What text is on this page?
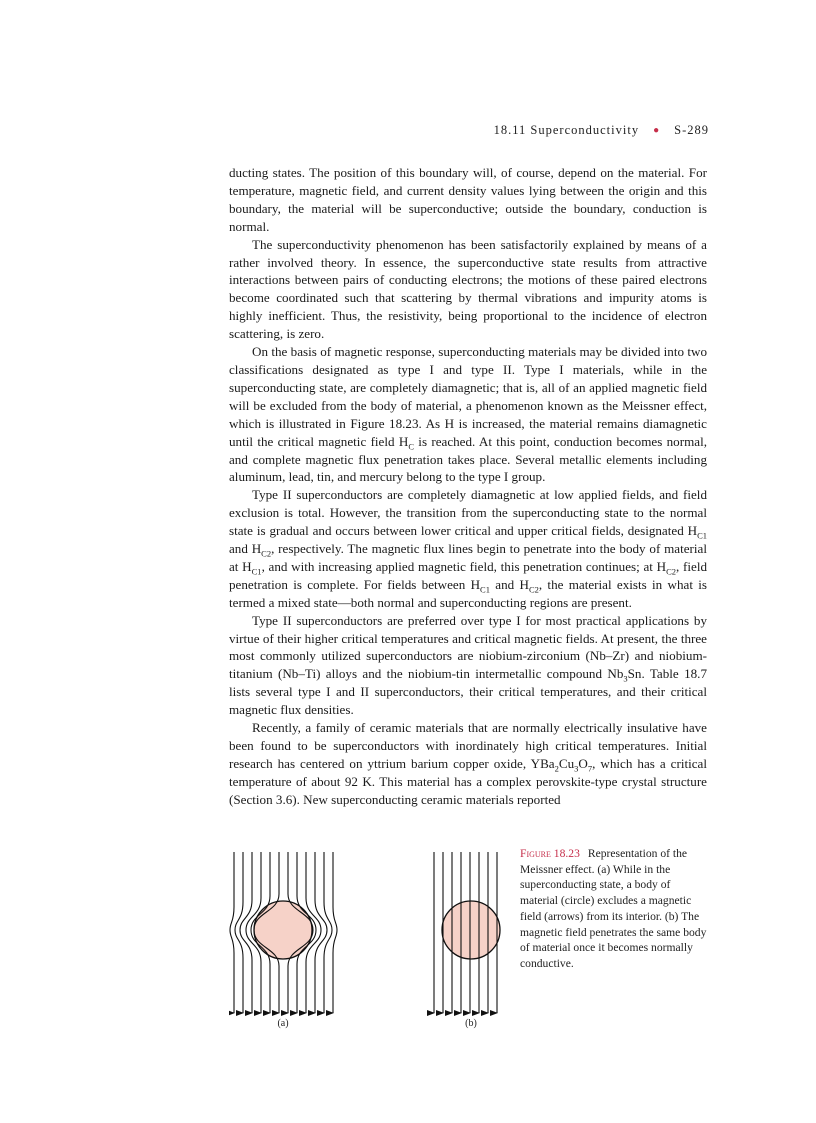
18.11 Superconductivity ● S-289

ducting states. The position of this boundary will, of course, depend on the material. For temperature, magnetic field, and current density values lying between the origin and this boundary, the material will be superconductive; outside the boundary, conduction is normal.

The superconductivity phenomenon has been satisfactorily explained by means of a rather involved theory. In essence, the superconductive state results from attractive interactions between pairs of conducting electrons; the motions of these paired electrons become coordinated such that scattering by thermal vibrations and impurity atoms is highly inefficient. Thus, the resistivity, being proportional to the incidence of electron scattering, is zero.

On the basis of magnetic response, superconducting materials may be divided into two classifications designated as type I and type II. Type I materials, while in the superconducting state, are completely diamagnetic; that is, all of an applied magnetic field will be excluded from the body of material, a phenomenon known as the Meissner effect, which is illustrated in Figure 18.23. As H is increased, the material remains diamagnetic until the critical magnetic field $H_C$ is reached. At this point, conduction becomes normal, and complete magnetic flux penetration takes place. Several metallic elements including aluminum, lead, tin, and mercury belong to the type I group.

Type II superconductors are completely diamagnetic at low applied fields, and field exclusion is total. However, the transition from the superconducting state to the normal state is gradual and occurs between lower critical and upper critical fields, designated $H_{C1}$ and $H_{C2}$, respectively. The magnetic flux lines begin to penetrate into the body of material at $H_{C1}$, and with increasing applied magnetic field, this penetration continues; at $H_{C2}$, field penetration is complete. For fields between $H_{C1}$ and $H_{C2}$, the material exists in what is termed a mixed state—both normal and superconducting regions are present.

Type II superconductors are preferred over type I for most practical applications by virtue of their higher critical temperatures and critical magnetic fields. At present, the three most commonly utilized superconductors are niobium-zirconium (Nb–Zr) and niobium-titanium (Nb–Ti) alloys and the niobium-tin intermetallic compound $Nb_3Sn$. Table 18.7 lists several type I and II superconductors, their critical temperatures, and their critical magnetic flux densities.

Recently, a family of ceramic materials that are normally electrically insulative have been found to be superconductors with inordinately high critical temperatures. Initial research has centered on yttrium barium copper oxide, $YBa_2Cu_3O_7$, which has a critical temperature of about 92 K. This material has a complex perovskite-type crystal structure (Section 3.6). New superconducting ceramic materials reported

(a)	(b)
Figure 18.23 Representation of the Meissner effect. (a) While in the superconducting state, a body of material (circle) excludes a magnetic field (arrows) from its interior. (b) The magnetic field penetrates the same body of material once it becomes normally conductive.
